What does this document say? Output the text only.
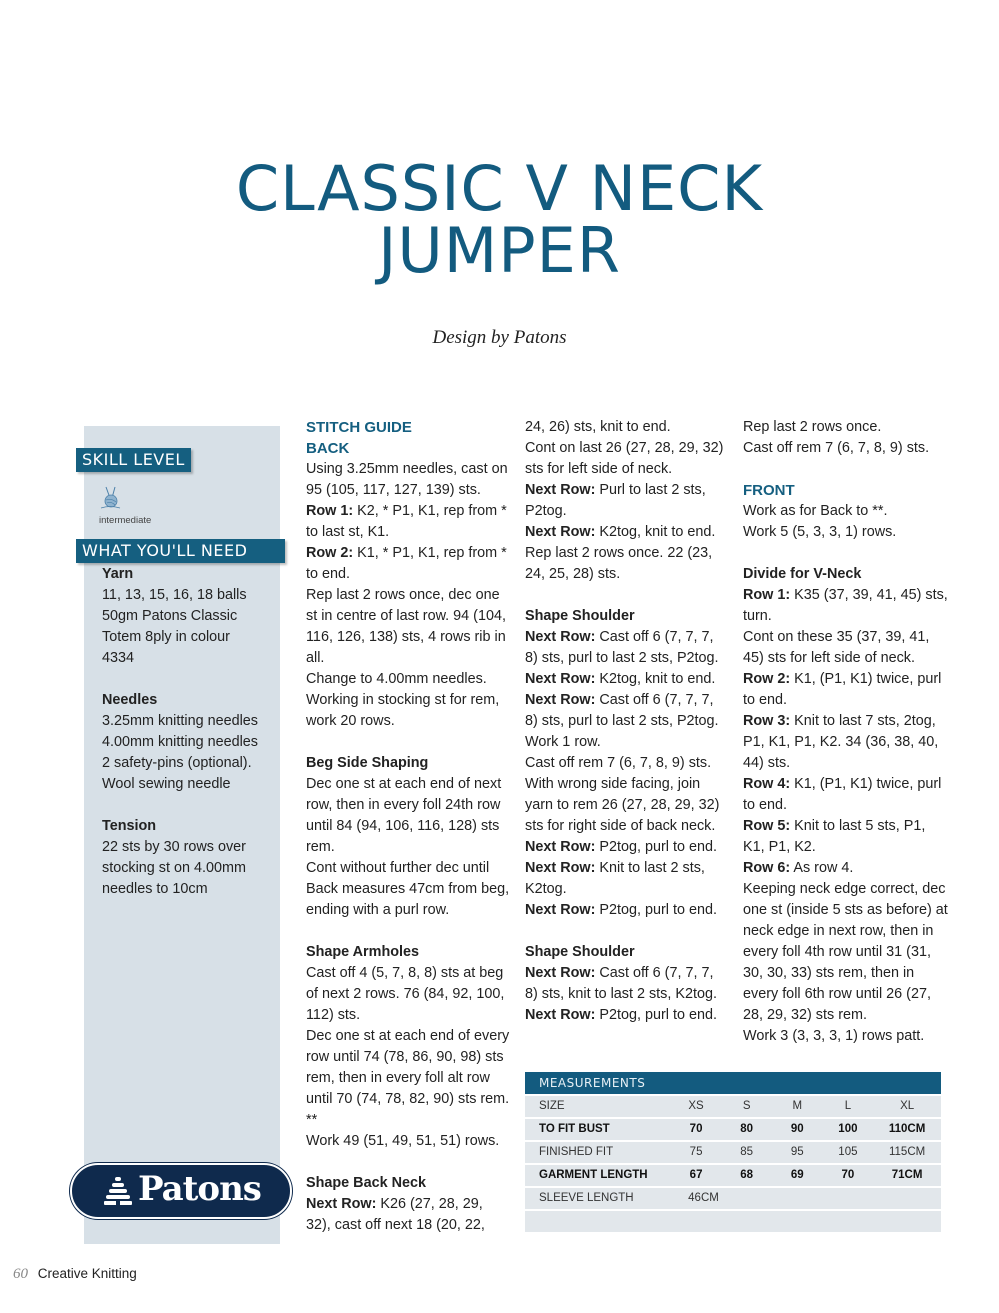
CLASSIC V NECK
JUMPER
Design by Patons
SKILL LEVEL
intermediate
WHAT YOU'LL NEED
Yarn
11, 13, 15, 16, 18 balls
50gm Patons Classic
Totem 8ply in colour
4334
Needles
3.25mm knitting needles
4.00mm knitting needles
2 safety-pins (optional).
Wool sewing needle
Tension
22 sts by 30 rows over
stocking st on 4.00mm
needles to 10cm
Patons
STITCH GUIDE
BACK
Using 3.25mm needles, cast on 95 (105, 117, 127, 139) sts.
Row 1: K2, * P1, K1, rep from * to last st, K1.
Row 2: K1, * P1, K1, rep from * to end.
Rep last 2 rows once, dec one st in centre of last row. 94 (104, 116, 126, 138) sts, 4 rows rib in all.
Change to 4.00mm needles.
Working in stocking st for rem, work 20 rows.
Beg Side Shaping
Dec one st at each end of next row, then in every foll 24th row until 84 (94, 106, 116, 128) sts rem.
Cont without further dec until Back measures 47cm from beg, ending with a purl row.
Shape Armholes
Cast off 4 (5, 7, 8, 8) sts at beg of next 2 rows. 76 (84, 92, 100, 112) sts.
Dec one st at each end of every row until 74 (78, 86, 90, 98) sts rem, then in every foll alt row until 70 (74, 78, 82, 90) sts rem. **
Work 49 (51, 49, 51, 51) rows.
Shape Back Neck
Next Row: K26 (27, 28, 29, 32), cast off next 18 (20, 22,
24, 26) sts, knit to end.
Cont on last 26 (27, 28, 29, 32) sts for left side of neck.
Next Row: Purl to last 2 sts, P2tog.
Next Row: K2tog, knit to end.
Rep last 2 rows once. 22 (23, 24, 25, 28) sts.
Shape Shoulder
Next Row: Cast off 6 (7, 7, 7, 8) sts, purl to last 2 sts, P2tog.
Next Row: K2tog, knit to end.
Next Row: Cast off 6 (7, 7, 7, 8) sts, purl to last 2 sts, P2tog.
Work 1 row.
Cast off rem 7 (6, 7, 8, 9) sts.
With wrong side facing, join yarn to rem 26 (27, 28, 29, 32) sts for right side of back neck.
Next Row: P2tog, purl to end.
Next Row: Knit to last 2 sts, K2tog.
Next Row: P2tog, purl to end.
Shape Shoulder
Next Row: Cast off 6 (7, 7, 7, 8) sts, knit to last 2 sts, K2tog.
Next Row: P2tog, purl to end.
Rep last 2 rows once.
Cast off rem 7 (6, 7, 8, 9) sts.
FRONT
Work as for Back to **.
Work 5 (5, 3, 3, 1) rows.
Divide for V-Neck
Row 1: K35 (37, 39, 41, 45) sts, turn.
Cont on these 35 (37, 39, 41, 45) sts for left side of neck.
Row 2: K1, (P1, K1) twice, purl to end.
Row 3: Knit to last 7 sts, 2tog, P1, K1, P1, K2. 34 (36, 38, 40, 44) sts.
Row 4: K1, (P1, K1) twice, purl to end.
Row 5: Knit to last 5 sts, P1, K1, P1, K2.
Row 6: As row 4.
Keeping neck edge correct, dec one st (inside 5 sts as before) at neck edge in next row, then in every foll 4th row until 31 (31, 30, 30, 33) sts rem, then in every foll 6th row until 26 (27, 28, 29, 32) sts rem.
Work 3 (3, 3, 3, 1) rows patt.
MEASUREMENTS
SIZE	XS	S	M	L	XL
TO FIT BUST	70	80	90	100	110CM
FINISHED FIT	75	85	95	105	115CM
GARMENT LENGTH	67	68	69	70	71CM
SLEEVE LENGTH	46CM
60 Creative Knitting
